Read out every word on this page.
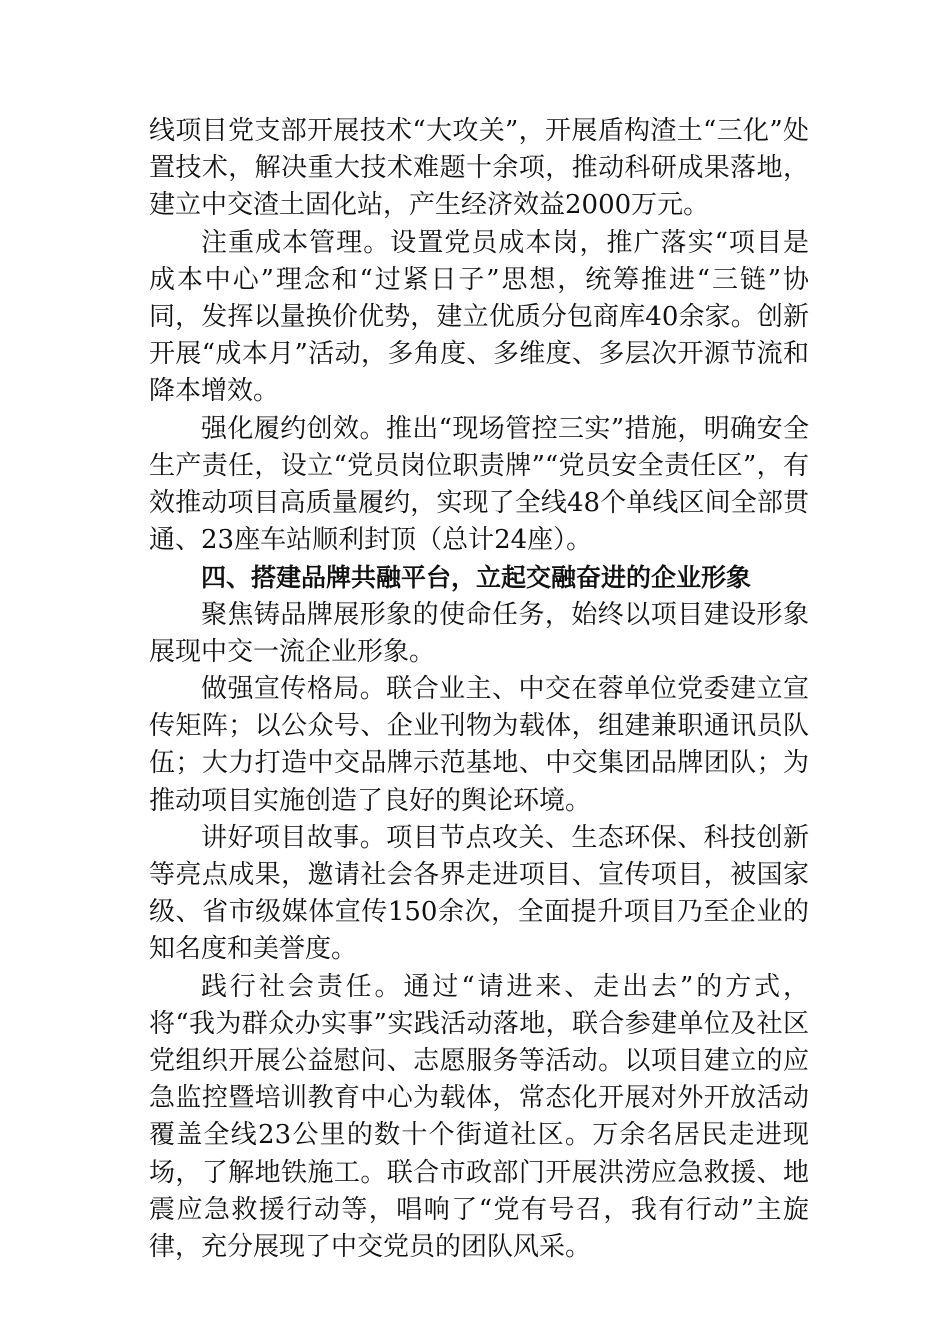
线项目党支部开展技术“大攻关”，开展盾构渣土“三化”处置技术，解决重大技术难题十余项，推动科研成果落地，建立中交渣土固化站，产生经济效益2000万元。

注重成本管理。设置党员成本岗，推广落实“项目是成本中心”理念和“过紧日子”思想，统筹推进“三链”协同，发挥以量换价优势，建立优质分包商库40余家。创新开展“成本月”活动，多角度、多维度、多层次开源节流和降本增效。

强化履约创效。推出“现场管控三实”措施，明确安全生产责任，设立“党员岗位职责牌”“党员安全责任区”，有效推动项目高质量履约，实现了全线48个单线区间全部贯通、23座车站顺利封顶（总计24座）。

四、搭建品牌共融平台，立起交融奋进的企业形象

聚焦铸品牌展形象的使命任务，始终以项目建设形象展现中交一流企业形象。

做强宣传格局。联合业主、中交在蓉单位党委建立宣传矩阵；以公众号、企业刊物为载体，组建兼职通讯员队伍；大力打造中交品牌示范基地、中交集团品牌团队；为推动项目实施创造了良好的舆论环境。

讲好项目故事。项目节点攻关、生态环保、科技创新等亮点成果，邀请社会各界走进项目、宣传项目，被国家级、省市级媒体宣传150余次，全面提升项目乃至企业的知名度和美誉度。

践行社会责任。通过“请进来、走出去”的方式，将“我为群众办实事”实践活动落地，联合参建单位及社区党组织开展公益慰问、志愿服务等活动。以项目建立的应急监控暨培训教育中心为载体，常态化开展对外开放活动覆盖全线23公里的数十个街道社区。万余名居民走进现场，了解地铁施工。联合市政部门开展洪涝应急救援、地震应急救援行动等，唱响了“党有号召，我有行动”主旋律，充分展现了中交党员的团队风采。
